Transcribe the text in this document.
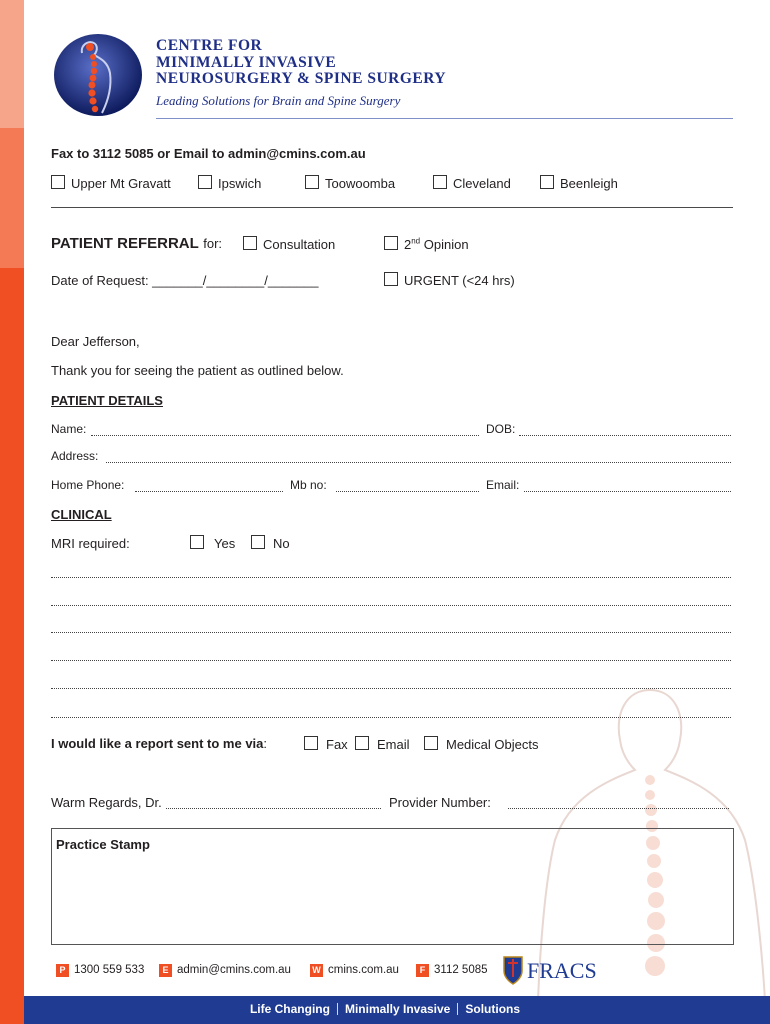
CENTRE FOR
MINIMALLY INVASIVE
NEUROSURGERY & SPINE SURGERY
Leading Solutions for Brain and Spine Surgery
Fax to 3112 5085 or Email to admin@cmins.com.au
Upper Mt Gravatt	Ipswich	Toowoomba	Cleveland	Beenleigh
PATIENT REFERRAL for:	Consultation	2nd Opinion
Date of Request: _______/________/_______	URGENT (<24 hrs)
Dear Jefferson,
Thank you for seeing the patient as outlined below.
PATIENT DETAILS
Name:	DOB:
Address:
Home Phone:	Mb no:	Email:
CLINICAL
MRI required:	Yes	No
I would like a report sent to me via:	Fax	Email	Medical Objects
Warm Regards, Dr.	Provider Number:
Practice Stamp
P 1300 559 533	E admin@cmins.com.au W cmins.com.au	F 3112 5085 FRACS
Life Changing Minimally Invasive Solutions
